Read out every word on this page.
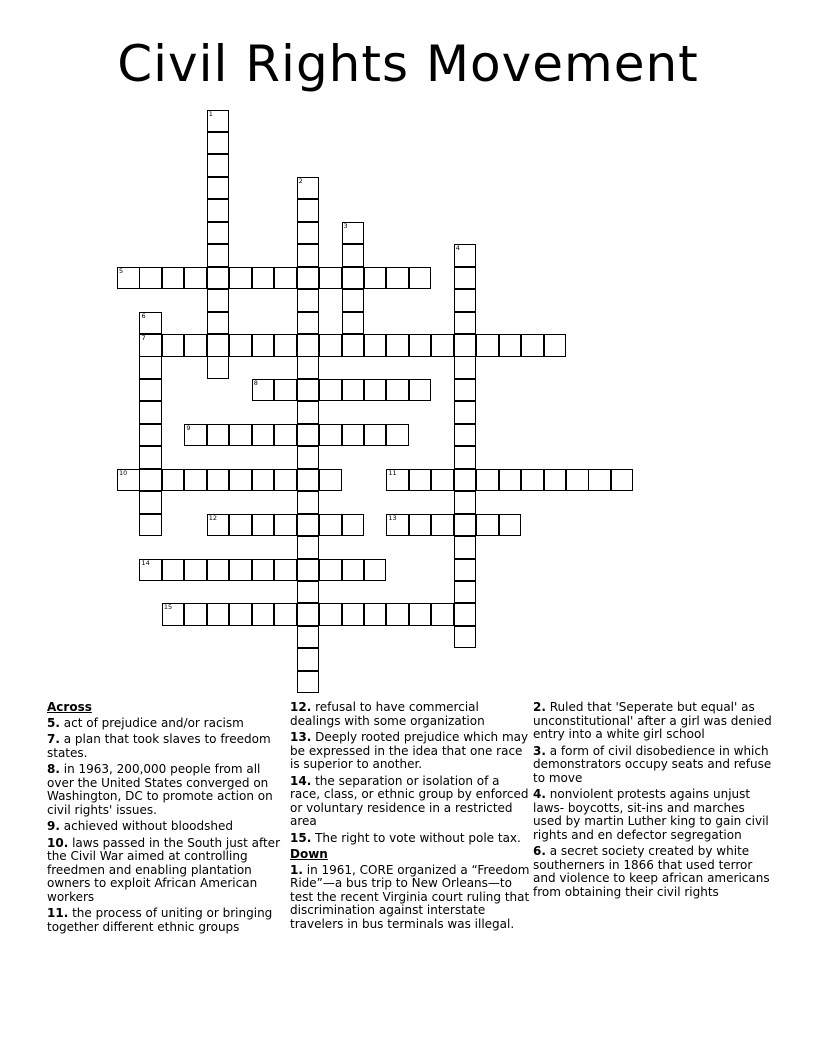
Civil Rights Movement
1
2
3
4
5
6
7
8
9
10	11
12	13
14
15
Across
5. act of prejudice and/or racism
7. a plan that took slaves to freedom states.
8. in 1963, 200,000 people from all over the United States converged on Washington, DC to promote action on civil rights' issues.
9. achieved without bloodshed
10. laws passed in the South just after the Civil War aimed at controlling freedmen and enabling plantation owners to exploit African American workers
11. the process of uniting or bringing together different ethnic groups
12. refusal to have commercial dealings with some organization
13. Deeply rooted prejudice which may be expressed in the idea that one race is superior to another.
14. the separation or isolation of a race, class, or ethnic group by enforced or voluntary residence in a restricted area
15. The right to vote without pole tax.
Down
1. in 1961, CORE organized a “Freedom Ride”—a bus trip to New Orleans—to test the recent Virginia court ruling that discrimination against interstate travelers in bus terminals was illegal.
2. Ruled that 'Seperate but equal' as unconstitutional' after a girl was denied entry into a white girl school
3. a form of civil disobedience in which demonstrators occupy seats and refuse to move
4. nonviolent protests agains unjust laws- boycotts, sit-ins and marches used by martin Luther king to gain civil rights and en defector segregation
6. a secret society created by white southerners in 1866 that used terror and violence to keep african americans from obtaining their civil rights
